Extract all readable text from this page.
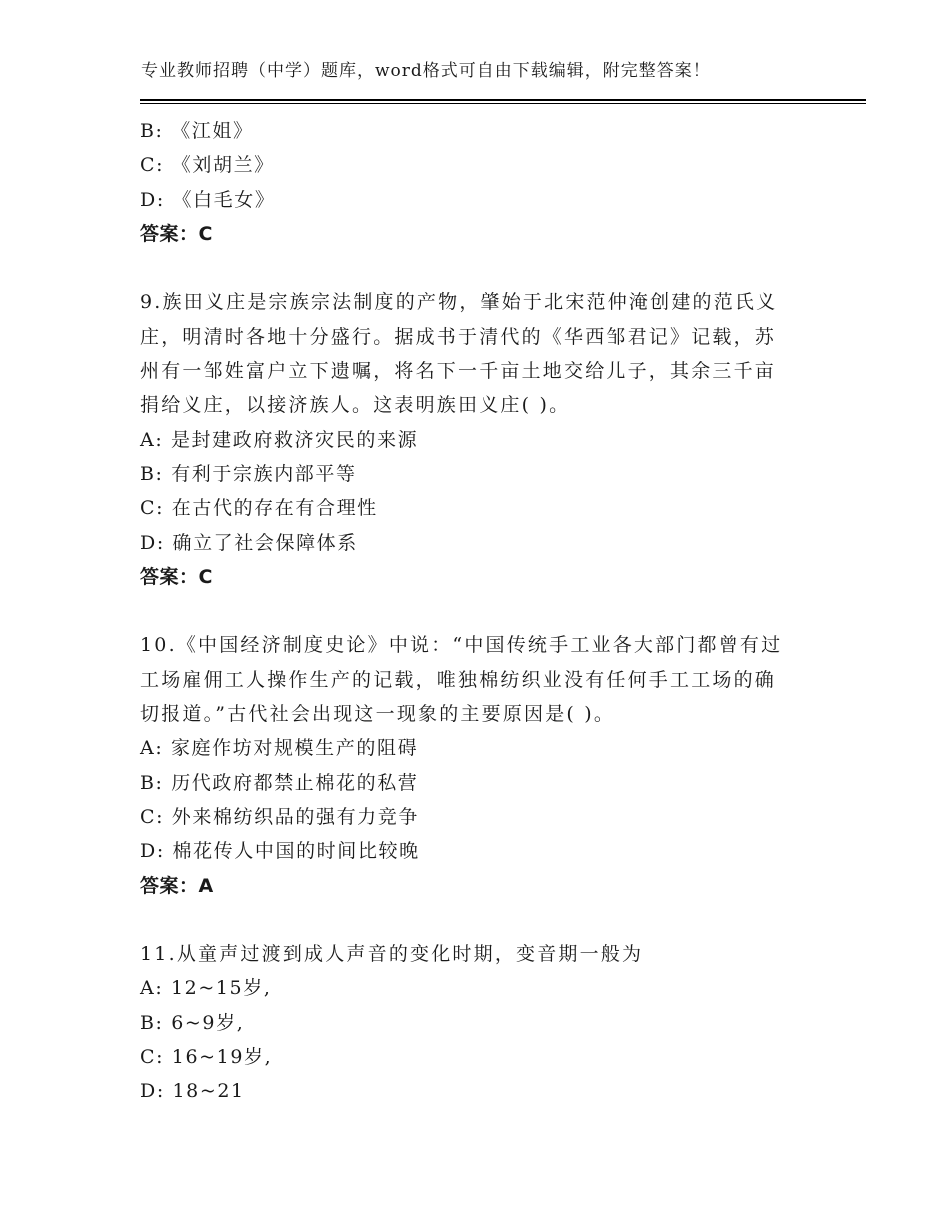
专业教师招聘（中学）题库，word格式可自由下载编辑，附完整答案！
B: 《江姐》
C: 《刘胡兰》
D: 《白毛女》
答案：C
9.族田义庄是宗族宗法制度的产物，肇始于北宋范仲淹创建的范氏义
庄，明清时各地十分盛行。据成书于清代的《华西邹君记》记载，苏
州有一邹姓富户立下遗嘱，将名下一千亩土地交给儿子，其余三千亩
捐给义庄，以接济族人。这表明族田义庄( )。
A: 是封建政府救济灾民的来源
B: 有利于宗族内部平等
C: 在古代的存在有合理性
D: 确立了社会保障体系
答案：C
10.《中国经济制度史论》中说：“中国传统手工业各大部门都曾有过
工场雇佣工人操作生产的记载，唯独棉纺织业没有任何手工工场的确
切报道。”古代社会出现这一现象的主要原因是( )。
A: 家庭作坊对规模生产的阻碍
B: 历代政府都禁止棉花的私营
C: 外来棉纺织品的强有力竞争
D: 棉花传人中国的时间比较晚
答案：A
11.从童声过渡到成人声音的变化时期，变音期一般为
A: 12~15岁,
B: 6~9岁,
C: 16~19岁,
D: 18~21
